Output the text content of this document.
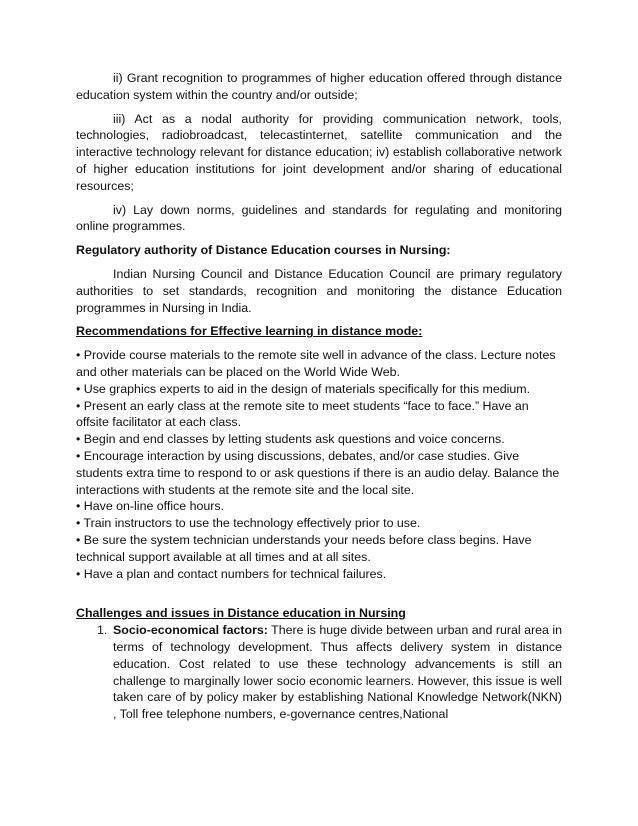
ii) Grant recognition to programmes of higher education offered through distance education system within the country and/or outside;

iii) Act as a nodal authority for providing communication network, tools, technologies, radiobroadcast, telecastinternet, satellite communication and the interactive technology relevant for distance education; iv) establish collaborative network of higher education institutions for joint development and/or sharing of educational resources;

iv) Lay down norms, guidelines and standards for regulating and monitoring online programmes.

Regulatory authority of Distance Education courses in Nursing:

Indian Nursing Council and Distance Education Council are primary regulatory authorities to set standards, recognition and monitoring the distance Education programmes in Nursing in India.

Recommendations for Effective learning in distance mode:

• Provide course materials to the remote site well in advance of the class. Lecture notes and other materials can be placed on the World Wide Web.
• Use graphics experts to aid in the design of materials specifically for this medium.
• Present an early class at the remote site to meet students “face to face.” Have an offsite facilitator at each class.
• Begin and end classes by letting students ask questions and voice concerns.
• Encourage interaction by using discussions, debates, and/or case studies. Give students extra time to respond to or ask questions if there is an audio delay. Balance the interactions with students at the remote site and the local site.
• Have on-line office hours.
• Train instructors to use the technology effectively prior to use.
• Be sure the system technician understands your needs before class begins. Have technical support available at all times and at all sites.
• Have a plan and contact numbers for technical failures.

Challenges and issues in Distance education in Nursing

1. Socio-economical factors: There is huge divide between urban and rural area in terms of technology development. Thus affects delivery system in distance education. Cost related to use these technology advancements is still an challenge to marginally lower socio economic learners. However, this issue is well taken care of by policy maker by establishing National Knowledge Network(NKN) , Toll free telephone numbers, e-governance centres,National
